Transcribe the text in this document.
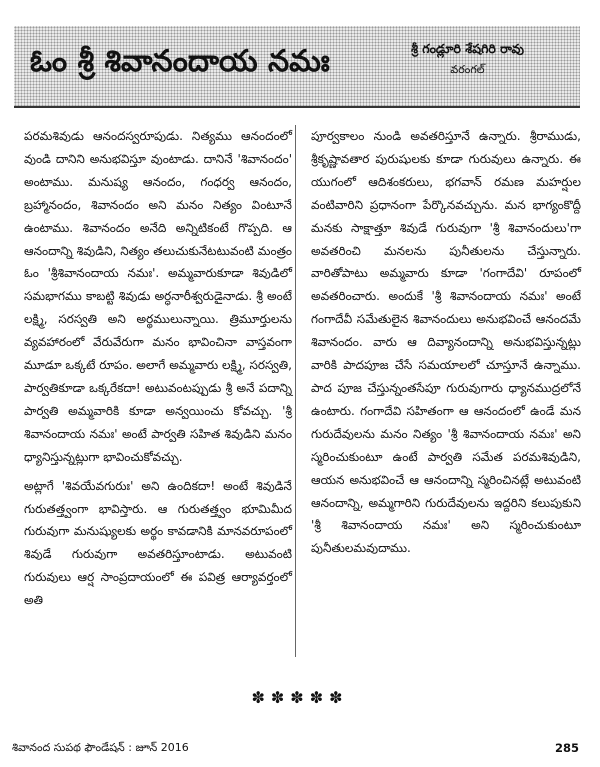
ఓం శ్రీ శివానందాయ నమః	శ్రీ గండ్లూరి శేషగిరి రావు
వరంగల్

పరమశివుడు ఆనందస్వరూపుడు. నిత్యము ఆనందంలో వుండి దానిని అనుభవిస్తూ వుంటాడు. దానినే 'శివానందం' అంటాము. మనుష్య ఆనందం, గంధర్వ ఆనందం, బ్రహ్మానందం, శివానందం అని మనం నిత్యం వింటూనే ఉంటాము. శివానందం అనేది అన్నిటికంటే గొప్పది. ఆ ఆనందాన్ని శివుడిని, నిత్యం తలుచుకునేటటువంటి మంత్రం ఓం 'శ్రీశివానందాయ నమః'. అమ్మవారుకూడా శివుడిలో సమభాగము కాబట్టి శివుడు అర్ధనారీశ్వరుడైనాడు. శ్రీ అంటే లక్ష్మి, సరస్వతి అని అర్థములున్నాయి. త్రిమూర్తులను వ్యవహారంలో వేరువేరుగా మనం భావించినా వాస్తవంగా మూడూ ఒక్కటే రూపం. అలాగే అమ్మవారు లక్ష్మి, సరస్వతి, పార్వతికూడా ఒక్కరేకదా! అటువంటప్పుడు శ్రీ అనే పదాన్ని పార్వతి అమ్మవారికి కూడా అన్వయించు కోవచ్చు. 'శ్రీ శివానందాయ నమః' అంటే పార్వతి సహిత శివుడిని మనం ధ్యానిస్తున్నట్లుగా భావించుకోవచ్చు.

అట్లాగే 'శివయేవగురుః' అని ఉందికదా! అంటే శివుడినే గురుతత్త్వంగా భావిస్తారు. ఆ గురుతత్త్వం భూమిమీద గురువుగా మనుష్యులకు అర్థం కావడానికి మానవరూపంలో శివుడే గురువుగా అవతరిస్తూంటాడు. అటువంటి గురువులు ఆర్ష సాంప్రదాయంలో ఈ పవిత్ర ఆర్యావర్తంలో అతి

పూర్వకాలం నుండి అవతరిస్తూనే ఉన్నారు. శ్రీరాముడు, శ్రీకృష్ణావతార పురుషులకు కూడా గురువులు ఉన్నారు. ఈ యుగంలో ఆదిశంకరులు, భగవాన్ రమణ మహర్షుల వంటివారిని ప్రధానంగా పేర్కొనవచ్చును. మన భాగ్యంకొద్దీ మనకు సాక్షాత్తూ శివుడే గురువుగా 'శ్రీ శివానందులు'గా అవతరించి మనలను పునీతులను చేస్తున్నారు. వారితోపాటు అమ్మవారు కూడా 'గంగాదేవి' రూపంలో అవతరించారు. అందుకే 'శ్రీ శివానందాయ నమః' అంటే గంగాదేవీ సమేతులైన శివానందులు అనుభవించే ఆనందమే శివానందం. వారు ఆ దివ్యానందాన్ని అనుభవిస్తున్నట్లు వారికి పాదపూజ చేసే సమయాలలో చూస్తూనే ఉన్నాము. పాద పూజ చేస్తున్నంతసేపూ గురువుగారు ధ్యానముద్రలోనే ఉంటారు. గంగాదేవి సహితంగా ఆ ఆనందంలో ఉండే మన గురుదేవులను మనం నిత్యం 'శ్రీ శివానందాయ నమః' అని స్మరించుకుంటూ ఉంటే పార్వతి సమేత పరమశివుడిని, ఆయన అనుభవించే ఆ ఆనందాన్ని స్మరించినట్లే అటువంటి ఆనందాన్ని, అమ్మగారిని గురుదేవులను ఇద్దరిని కలుపుకుని 'శ్రీ శివానందాయ నమః' అని స్మరించుకుంటూ పునీతులమవుదాము.

✽✽✽✽✽
శివానంద సుపథ ఫౌండేషన్ : జూన్ 2016	285
